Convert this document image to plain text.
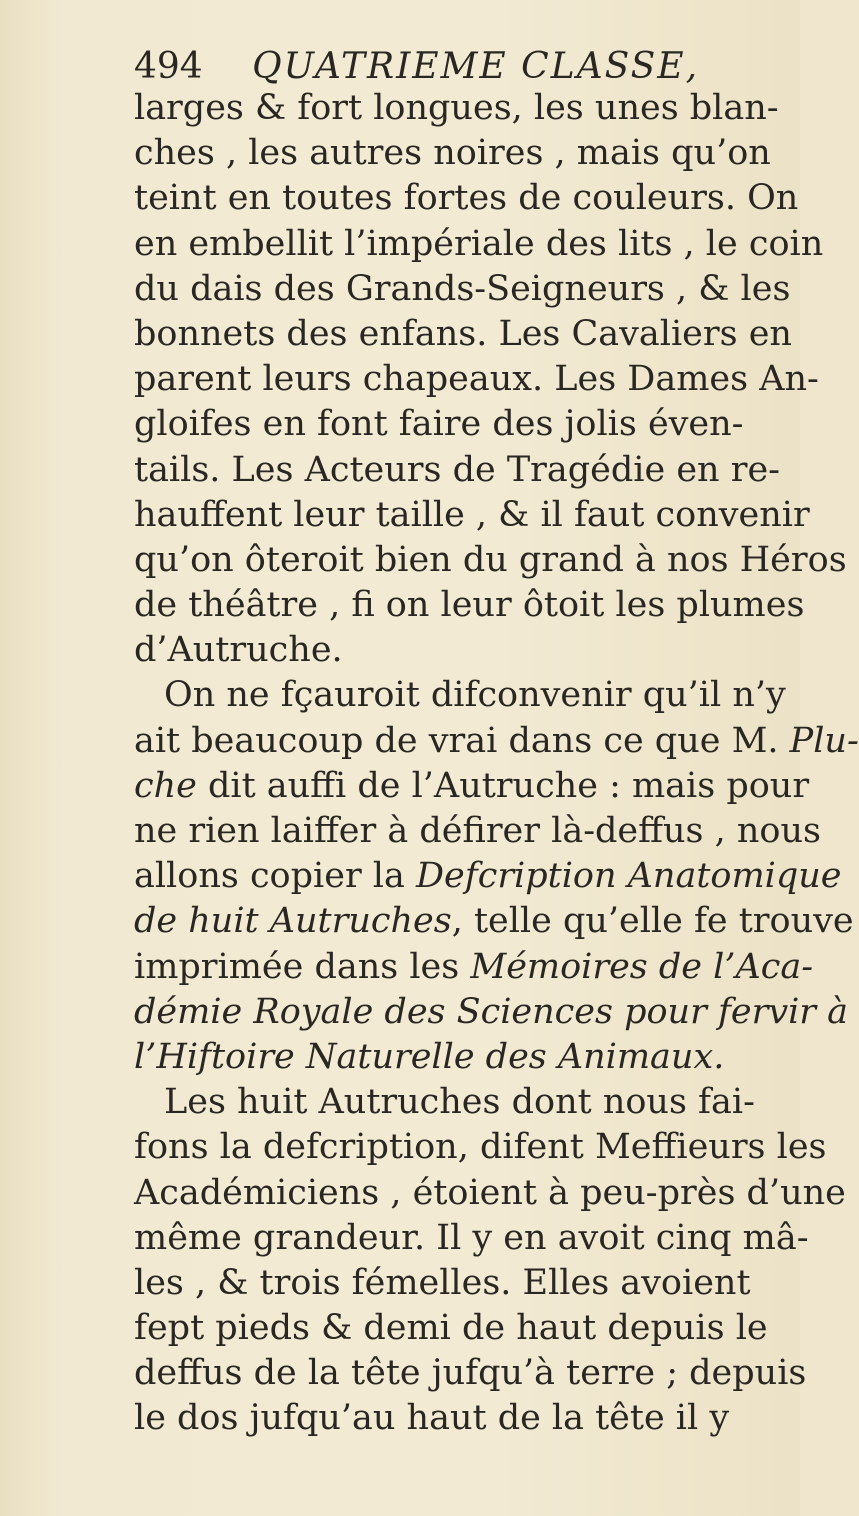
494 QUATRIEME CLASSE,
larges & fort longues, les unes blan-
ches , les autres noires , mais qu’on
teint en toutes fortes de couleurs. On
en embellit l’impériale des lits , le coin
du dais des Grands-Seigneurs , & les
bonnets des enfans. Les Cavaliers en
parent leurs chapeaux. Les Dames An-
gloifes en font faire des jolis éven-
tails. Les Acteurs de Tragédie en re-
hauffent leur taille , & il faut convenir
qu’on ôteroit bien du grand à nos Héros
de théâtre , fi on leur ôtoit les plumes
d’Autruche.
On ne fçauroit difconvenir qu’il n’y
ait beaucoup de vrai dans ce que M. Plu-
che dit auffi de l’Autruche : mais pour
ne rien laiffer à défirer là-deffus , nous
allons copier la Defcription Anatomique
de huit Autruches, telle qu’elle fe trouve
imprimée dans les Mémoires de l’Aca-
démie Royale des Sciences pour fervir à
l’Hiftoire Naturelle des Animaux.
Les huit Autruches dont nous fai-
fons la defcription, difent Meffieurs les
Académiciens , étoient à peu-près d’une
même grandeur. Il y en avoit cinq mâ-
les , & trois fémelles. Elles avoient
fept pieds & demi de haut depuis le
deffus de la tête jufqu’à terre ; depuis
le dos jufqu’au haut de la tête il y
